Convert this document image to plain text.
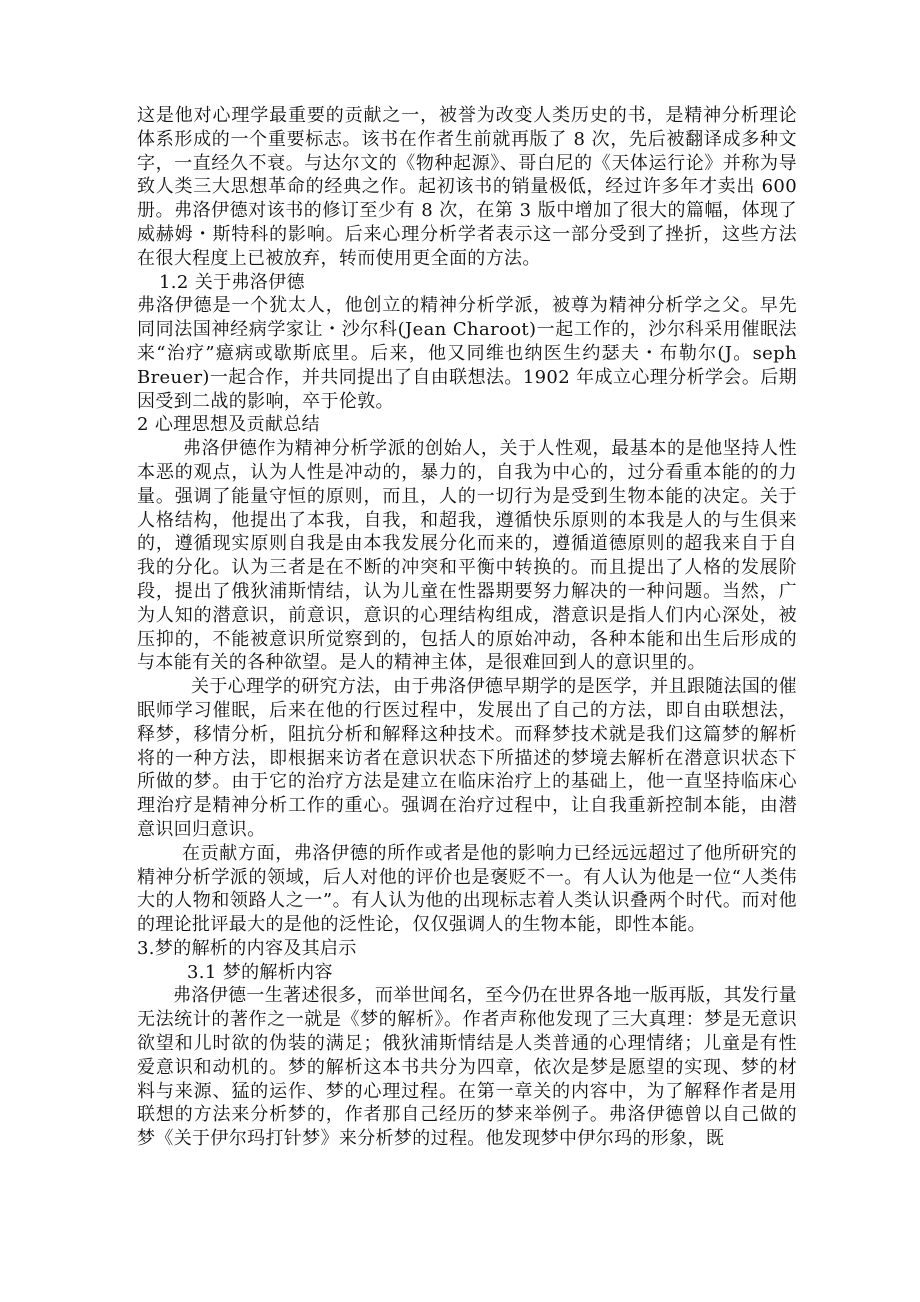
这是他对心理学最重要的贡献之一，被誉为改变人类历史的书，是精神分析理论体系形成的一个重要标志。该书在作者生前就再版了 8 次，先后被翻译成多种文字，一直经久不衰。与达尔文的《物种起源》、哥白尼的《天体运行论》并称为导致人类三大思想革命的经典之作。起初该书的销量极低，经过许多年才卖出 600 册。弗洛伊德对该书的修订至少有 8 次，在第 3 版中增加了很大的篇幅，体现了威赫姆・斯特科的影响。后来心理分析学者表示这一部分受到了挫折，这些方法在很大程度上已被放弃，转而使用更全面的方法。

1.2 关于弗洛伊德

弗洛伊德是一个犹太人，他创立的精神分析学派，被尊为精神分析学之父。早先同同法国神经病学家让・沙尔科(Jean Charoot)一起工作的，沙尔科采用催眠法来“治疗”癔病或歇斯底里。后来，他又同维也纳医生约瑟夫・布勒尔(J。seph Breuer)一起合作，并共同提出了自由联想法。1902 年成立心理分析学会。后期因受到二战的影响，卒于伦敦。

2 心理思想及贡献总结

弗洛伊德作为精神分析学派的创始人，关于人性观，最基本的是他坚持人性本恶的观点，认为人性是冲动的，暴力的，自我为中心的，过分看重本能的的力量。强调了能量守恒的原则，而且，人的一切行为是受到生物本能的决定。关于人格结构，他提出了本我，自我，和超我，遵循快乐原则的本我是人的与生俱来的，遵循现实原则自我是由本我发展分化而来的，遵循道德原则的超我来自于自我的分化。认为三者是在不断的冲突和平衡中转换的。而且提出了人格的发展阶段，提出了俄狄浦斯情结，认为儿童在性器期要努力解决的一种问题。当然，广为人知的潜意识，前意识，意识的心理结构组成，潜意识是指人们内心深处，被压抑的，不能被意识所觉察到的，包括人的原始冲动，各种本能和出生后形成的与本能有关的各种欲望。是人的精神主体，是很难回到人的意识里的。

关于心理学的研究方法，由于弗洛伊德早期学的是医学，并且跟随法国的催眠师学习催眠，后来在他的行医过程中，发展出了自己的方法，即自由联想法，释梦，移情分析，阻抗分析和解释这种技术。而释梦技术就是我们这篇梦的解析将的一种方法，即根据来访者在意识状态下所描述的梦境去解析在潜意识状态下所做的梦。由于它的治疗方法是建立在临床治疗上的基础上，他一直坚持临床心理治疗是精神分析工作的重心。强调在治疗过程中，让自我重新控制本能，由潜意识回归意识。

在贡献方面，弗洛伊德的所作或者是他的影响力已经远远超过了他所研究的精神分析学派的领域，后人对他的评价也是褒贬不一。有人认为他是一位“人类伟大的人物和领路人之一”。有人认为他的出现标志着人类认识叠两个时代。而对他的理论批评最大的是他的泛性论，仅仅强调人的生物本能，即性本能。

3.梦的解析的内容及其启示

3.1 梦的解析内容

弗洛伊德一生著述很多，而举世闻名，至今仍在世界各地一版再版，其发行量无法统计的著作之一就是《梦的解析》。作者声称他发现了三大真理：梦是无意识欲望和儿时欲的伪装的满足；俄狄浦斯情结是人类普通的心理情绪；儿童是有性爱意识和动机的。梦的解析这本书共分为四章，依次是梦是愿望的实现、梦的材料与来源、猛的运作、梦的心理过程。在第一章关的内容中，为了解释作者是用联想的方法来分析梦的，作者那自己经历的梦来举例子。弗洛伊德曾以自己做的梦《关于伊尔玛打针梦》来分析梦的过程。他发现梦中伊尔玛的形象，既
